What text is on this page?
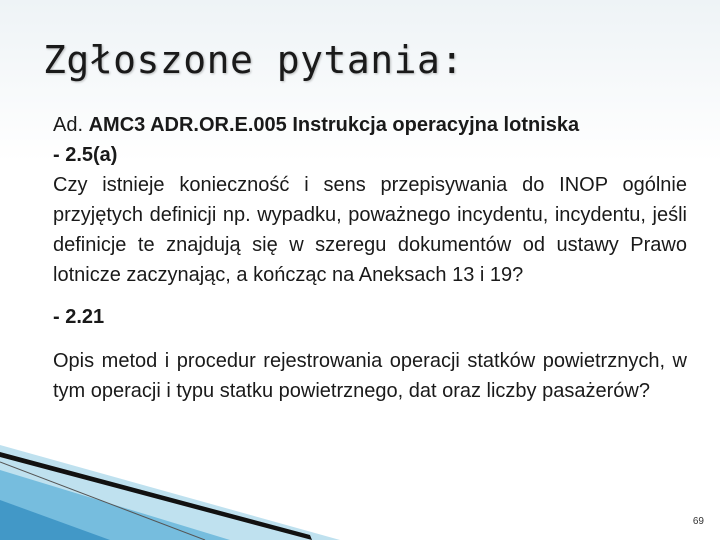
Zgłoszone pytania:

Ad. AMC3 ADR.OR.E.005 Instrukcja operacyjna lotniska

- 2.5(a)

Czy istnieje konieczność i sens przepisywania do INOP ogólnie przyjętych definicji np. wypadku, poważnego incydentu, incydentu, jeśli definicje te znajdują się w szeregu dokumentów od ustawy Prawo lotnicze zaczynając, a kończąc na Aneksach 13 i 19?

- 2.21

Opis metod i procedur rejestrowania operacji statków powietrznych, w tym operacji i typu statku powietrznego, dat oraz liczby pasażerów?

69
